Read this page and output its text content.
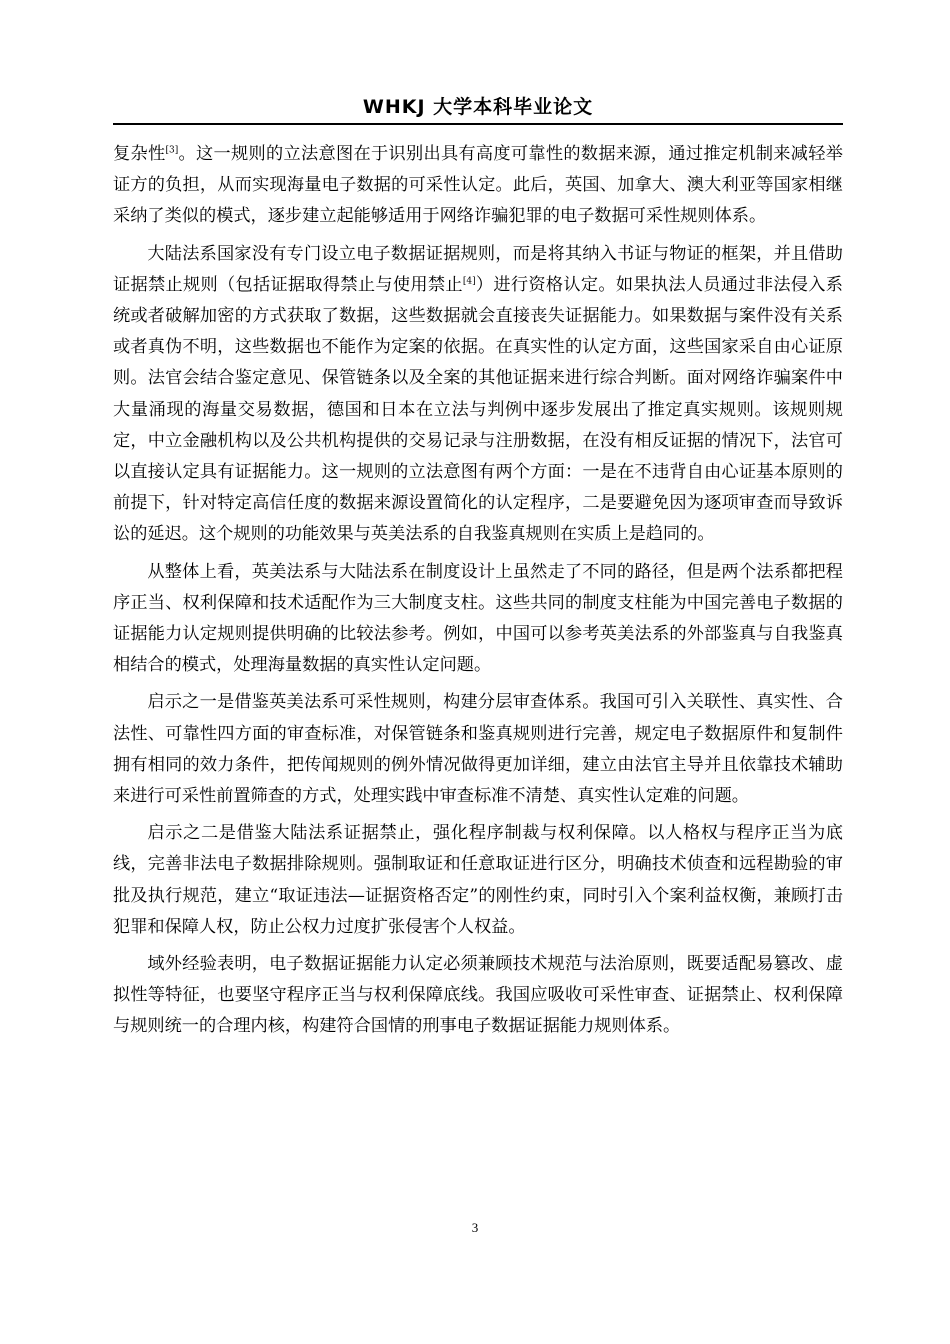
WHKJ 大学本科毕业论文

复杂性[3]。这一规则的立法意图在于识别出具有高度可靠性的数据来源，通过推定机制来减轻举证方的负担，从而实现海量电子数据的可采性认定。此后，英国、加拿大、澳大利亚等国家相继采纳了类似的模式，逐步建立起能够适用于网络诈骗犯罪的电子数据可采性规则体系。

大陆法系国家没有专门设立电子数据证据规则，而是将其纳入书证与物证的框架，并且借助证据禁止规则（包括证据取得禁止与使用禁止[4]）进行资格认定。如果执法人员通过非法侵入系统或者破解加密的方式获取了数据，这些数据就会直接丧失证据能力。如果数据与案件没有关系或者真伪不明，这些数据也不能作为定案的依据。在真实性的认定方面，这些国家采自由心证原则。法官会结合鉴定意见、保管链条以及全案的其他证据来进行综合判断。面对网络诈骗案件中大量涌现的海量交易数据，德国和日本在立法与判例中逐步发展出了推定真实规则。该规则规定，中立金融机构以及公共机构提供的交易记录与注册数据，在没有相反证据的情况下，法官可以直接认定具有证据能力。这一规则的立法意图有两个方面：一是在不违背自由心证基本原则的前提下，针对特定高信任度的数据来源设置简化的认定程序，二是要避免因为逐项审查而导致诉讼的延迟。这个规则的功能效果与英美法系的自我鉴真规则在实质上是趋同的。

从整体上看，英美法系与大陆法系在制度设计上虽然走了不同的路径，但是两个法系都把程序正当、权利保障和技术适配作为三大制度支柱。这些共同的制度支柱能为中国完善电子数据的证据能力认定规则提供明确的比较法参考。例如，中国可以参考英美法系的外部鉴真与自我鉴真相结合的模式，处理海量数据的真实性认定问题。

启示之一是借鉴英美法系可采性规则，构建分层审查体系。我国可引入关联性、真实性、合法性、可靠性四方面的审查标准，对保管链条和鉴真规则进行完善，规定电子数据原件和复制件拥有相同的效力条件，把传闻规则的例外情况做得更加详细，建立由法官主导并且依靠技术辅助来进行可采性前置筛查的方式，处理实践中审查标准不清楚、真实性认定难的问题。

启示之二是借鉴大陆法系证据禁止，强化程序制裁与权利保障。以人格权与程序正当为底线，完善非法电子数据排除规则。强制取证和任意取证进行区分，明确技术侦查和远程勘验的审批及执行规范，建立“取证违法—证据资格否定”的刚性约束，同时引入个案利益权衡，兼顾打击犯罪和保障人权，防止公权力过度扩张侵害个人权益。

域外经验表明，电子数据证据能力认定必须兼顾技术规范与法治原则，既要适配易篡改、虚拟性等特征，也要坚守程序正当与权利保障底线。我国应吸收可采性审查、证据禁止、权利保障与规则统一的合理内核，构建符合国情的刑事电子数据证据能力规则体系。

3
